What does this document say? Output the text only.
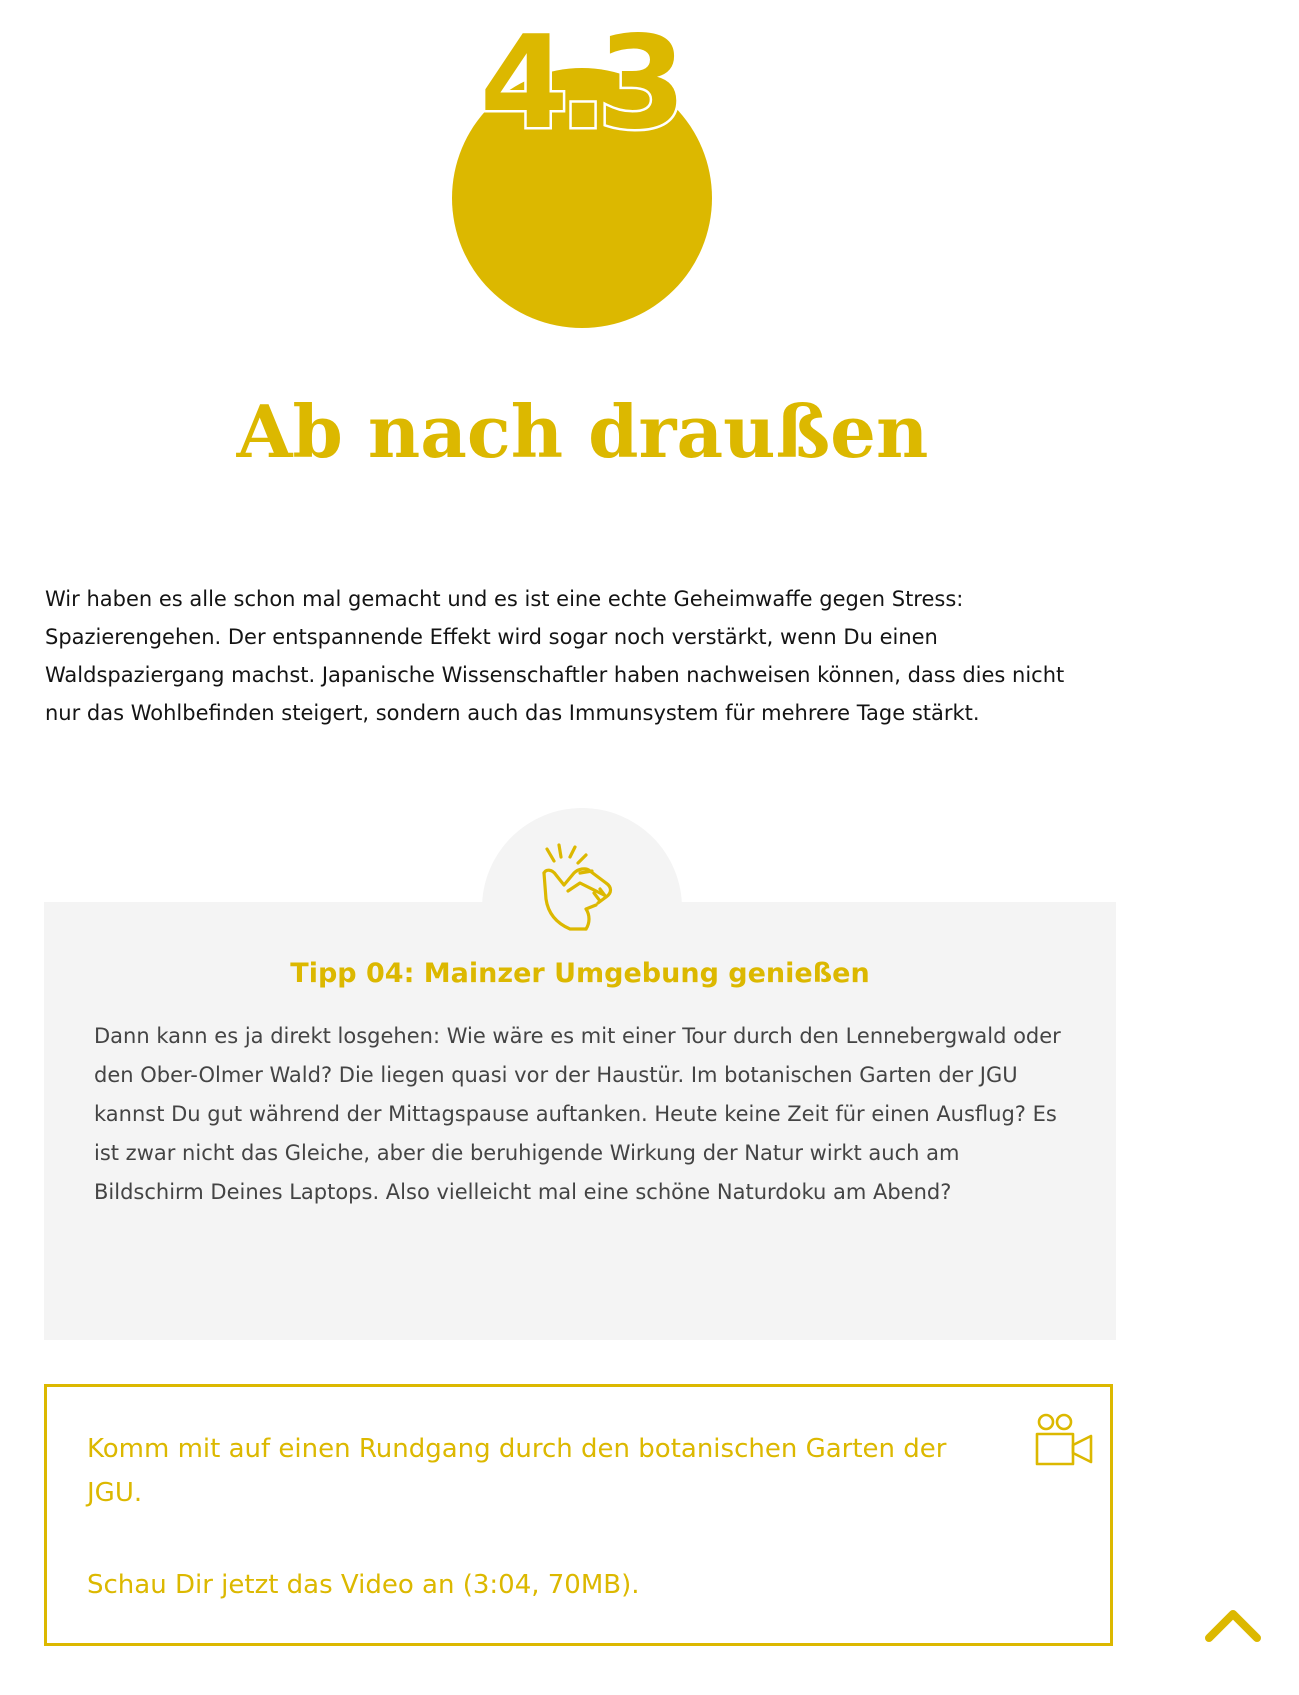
4.3
Ab nach draußen

Wir haben es alle schon mal gemacht und es ist eine echte Geheimwaffe gegen Stress: Spazierengehen. Der entspannende Effekt wird sogar noch verstärkt, wenn Du einen Waldspaziergang machst. Japanische Wissenschaftler haben nachweisen können, dass dies nicht nur das Wohlbefinden steigert, sondern auch das Immunsystem für mehrere Tage stärkt.

Tipp 04: Mainzer Umgebung genießen

Dann kann es ja direkt losgehen: Wie wäre es mit einer Tour durch den Lennebergwald oder den Ober-Olmer Wald? Die liegen quasi vor der Haustür. Im botanischen Garten der JGU kannst Du gut während der Mittagspause auftanken. Heute keine Zeit für einen Ausflug? Es ist zwar nicht das Gleiche, aber die beruhigende Wirkung der Natur wirkt auch am Bildschirm Deines Laptops. Also vielleicht mal eine schöne Naturdoku am Abend?

Komm mit auf einen Rundgang durch den botanischen Garten der JGU.
Schau Dir jetzt das Video an (3:04, 70MB).
